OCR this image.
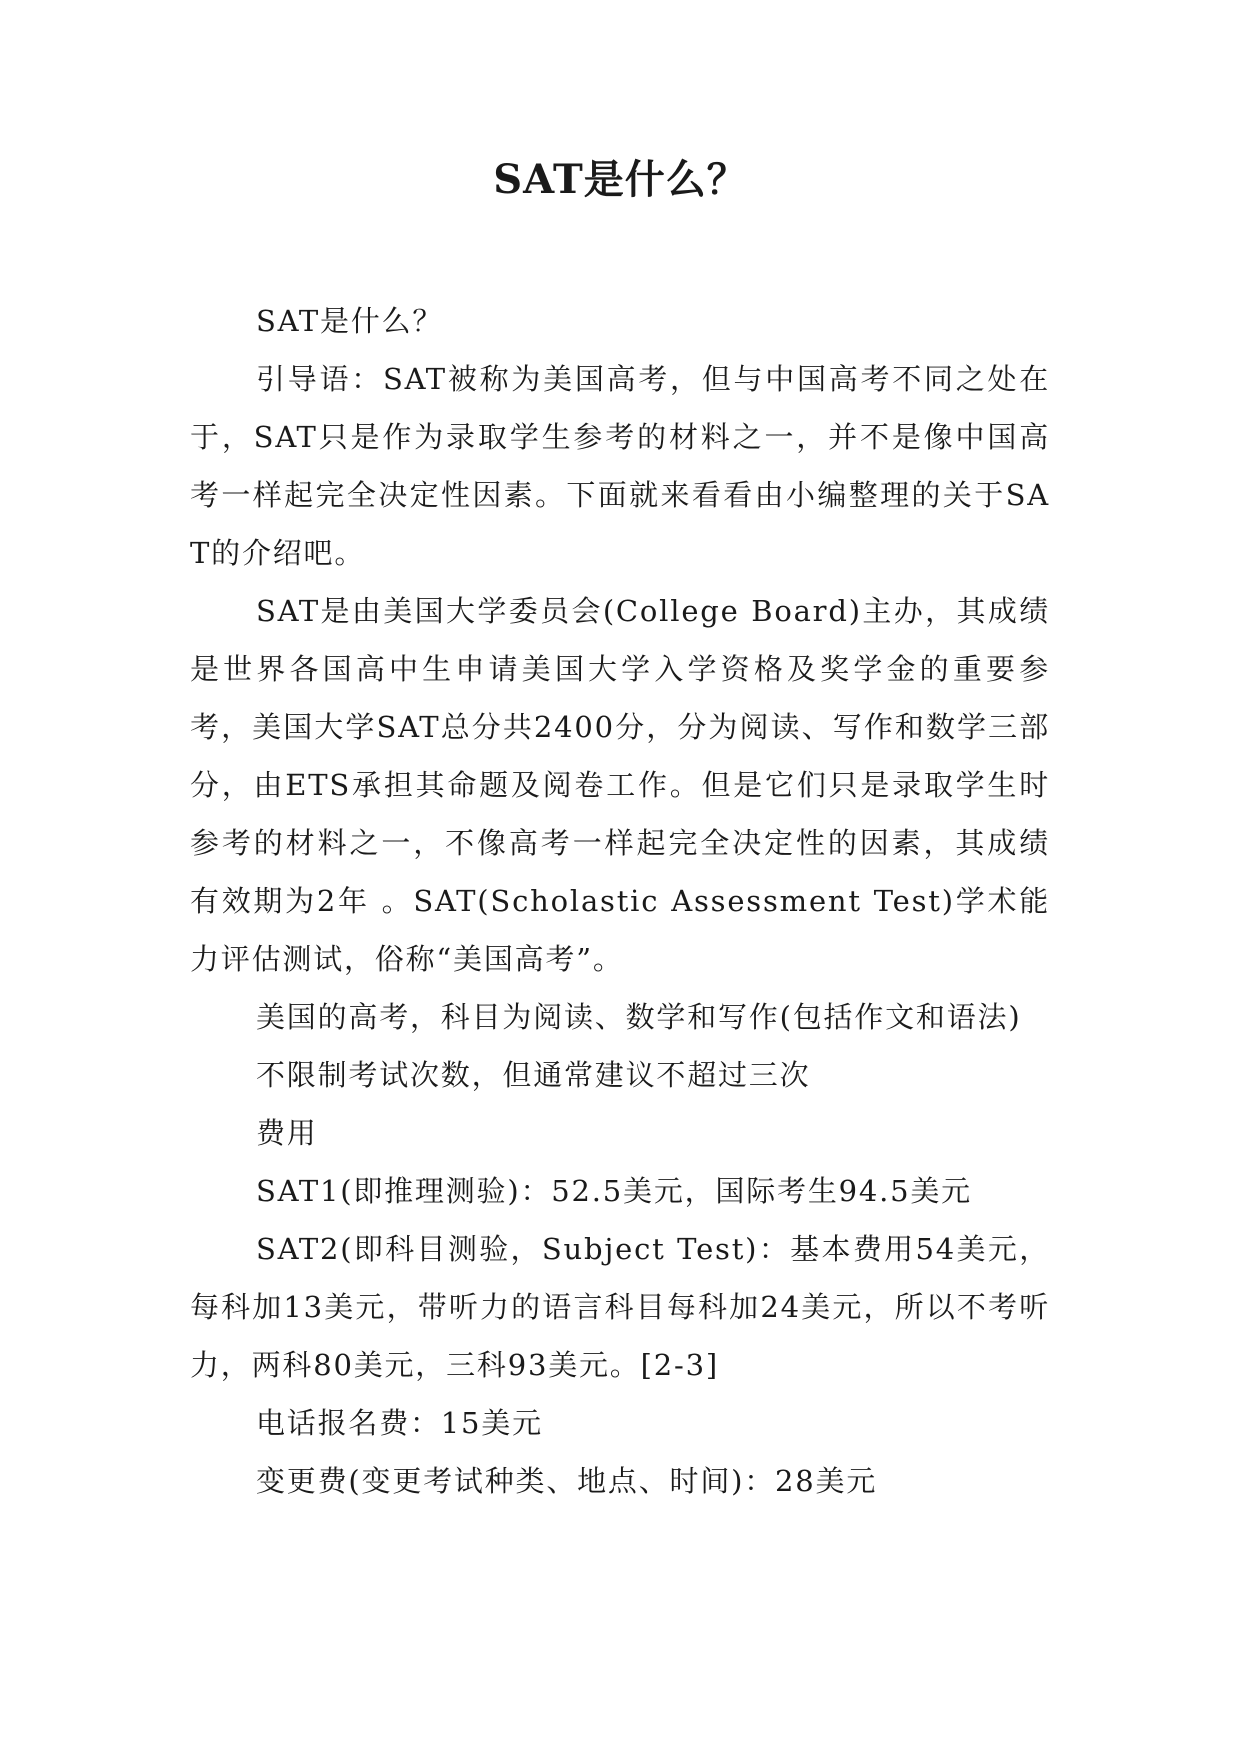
SAT是什么？

SAT是什么？

引导语：SAT被称为美国高考，但与中国高考不同之处在于，SAT只是作为录取学生参考的材料之一，并不是像中国高考一样起完全决定性因素。下面就来看看由小编整理的关于SAT的介绍吧。

SAT是由美国大学委员会(College Board)主办，其成绩是世界各国高中生申请美国大学入学资格及奖学金的重要参考，美国大学SAT总分共2400分，分为阅读、写作和数学三部分，由ETS承担其命题及阅卷工作。但是它们只是录取学生时参考的材料之一，不像高考一样起完全决定性的因素，其成绩有效期为2年 。SAT(Scholastic Assessment Test)学术能力评估测试，俗称“美国高考”。

美国的高考，科目为阅读、数学和写作(包括作文和语法)

不限制考试次数，但通常建议不超过三次

费用

SAT1(即推理测验)：52.5美元，国际考生94.5美元

SAT2(即科目测验，Subject Test)：基本费用54美元，每科加13美元，带听力的语言科目每科加24美元，所以不考听力，两科80美元，三科93美元。[2-3]

电话报名费：15美元

变更费(变更考试种类、地点、时间)：28美元
